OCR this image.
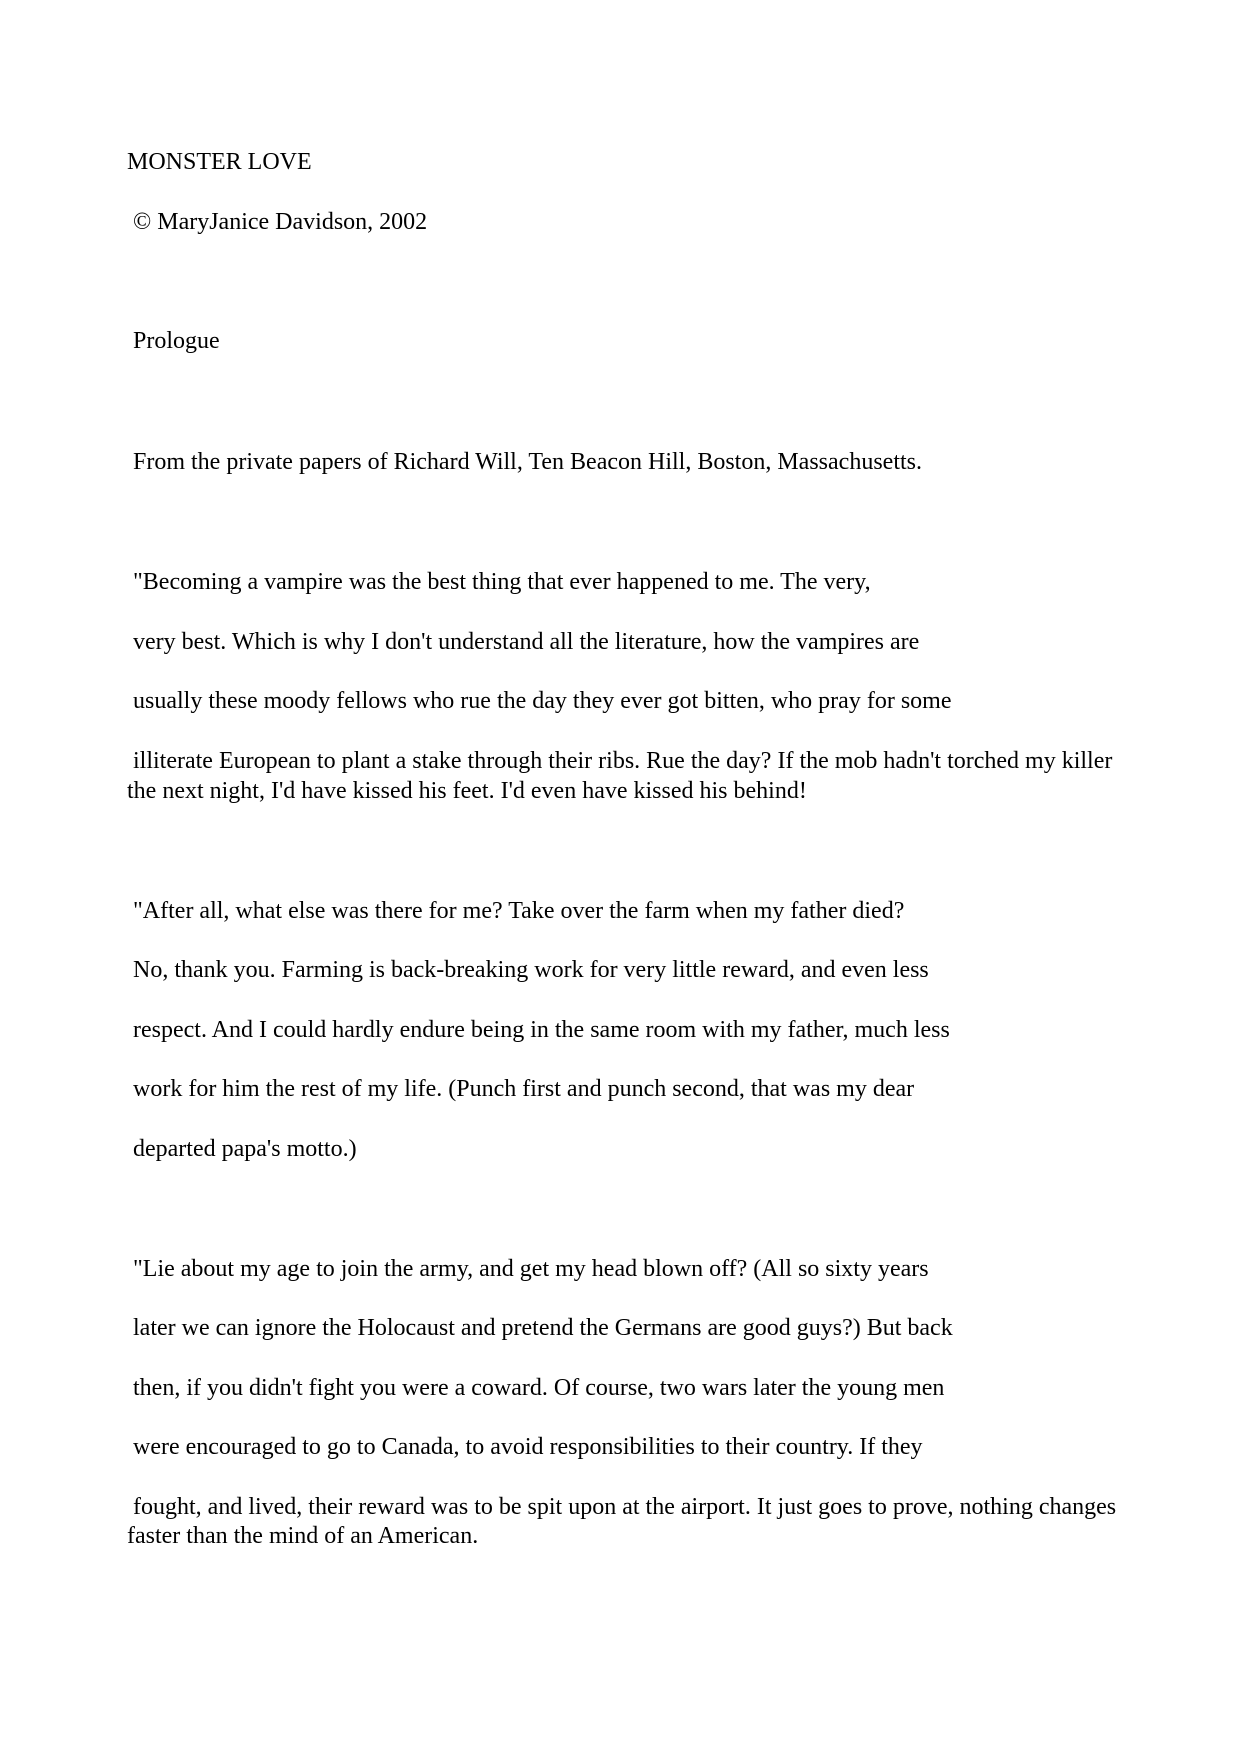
MONSTER LOVE
© MaryJanice Davidson, 2002
Prologue
From the private papers of Richard Will, Ten Beacon Hill, Boston, Massachusetts.
"Becoming a vampire was the best thing that ever happened to me. The very,
very best. Which is why I don't understand all the literature, how the vampires are
usually these moody fellows who rue the day they ever got bitten, who pray for some
illiterate European to plant a stake through their ribs. Rue the day? If the mob hadn't torched my killer
the next night, I'd have kissed his feet. I'd even have kissed his behind!
"After all, what else was there for me? Take over the farm when my father died?
No, thank you. Farming is back-breaking work for very little reward, and even less
respect. And I could hardly endure being in the same room with my father, much less
work for him the rest of my life. (Punch first and punch second, that was my dear
departed papa's motto.)
"Lie about my age to join the army, and get my head blown off? (All so sixty years
later we can ignore the Holocaust and pretend the Germans are good guys?) But back
then, if you didn't fight you were a coward. Of course, two wars later the young men
were encouraged to go to Canada, to avoid responsibilities to their country. If they
fought, and lived, their reward was to be spit upon at the airport. It just goes to prove, nothing changes
faster than the mind of an American.
